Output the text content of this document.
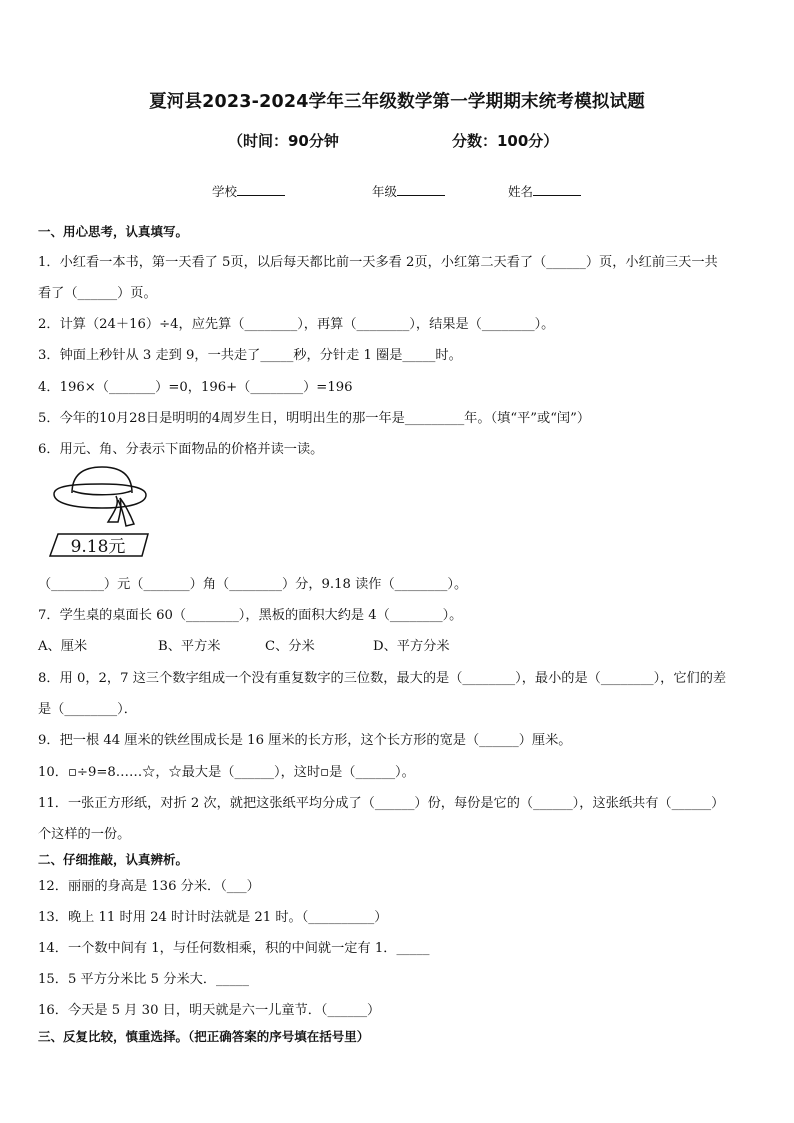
夏河县2023-2024学年三年级数学第一学期期末统考模拟试题
（时间：90分钟	分数：100分）
学校	年级	姓名
一、用心思考，认真填写。
1．小红看一本书，第一天看了 5页，以后每天都比前一天多看 2页，小红第二天看了（______）页，小红前三天一共
看了（______）页。
2．计算（24＋16）÷4，应先算（________），再算（________），结果是（________）。
3．钟面上秒针从 3 走到 9，一共走了_____秒，分针走 1 圈是_____时。
4．196×（_______）=0，196+（________）=196
5．今年的10月28日是明明的4周岁生日，明明出生的那一年是_________年。（填“平”或“闰”）
6．用元、角、分表示下面物品的价格并读一读。
9.18元
（________）元（_______）角（________）分，9.18 读作（________）。
7．学生桌的桌面长 60（________），黑板的面积大约是 4（________）。
A、厘米	B、平方米	C、分米	D、平方分米
8．用 0，2，7 这三个数字组成一个没有重复数字的三位数，最大的是（________），最小的是（________），它们的差
是（________）．
9．把一根 44 厘米的铁丝围成长是 16 厘米的长方形，这个长方形的宽是（______）厘米。
10．▫÷9=8……☆，☆最大是（______），这时▫是（______）。
11．一张正方形纸，对折 2 次，就把这张纸平均分成了（______）份，每份是它的（______），这张纸共有（______）
个这样的一份。
二、仔细推敲，认真辨析。
12．丽丽的身高是 136 分米．（___）
13．晚上 11 时用 24 时计时法就是 21 时。（__________）
14．一个数中间有 1，与任何数相乘，积的中间就一定有 1．_____
15．5 平方分米比 5 分米大．_____
16．今天是 5 月 30 日，明天就是六一儿童节．（______）
三、反复比较，慎重选择。（把正确答案的序号填在括号里）
